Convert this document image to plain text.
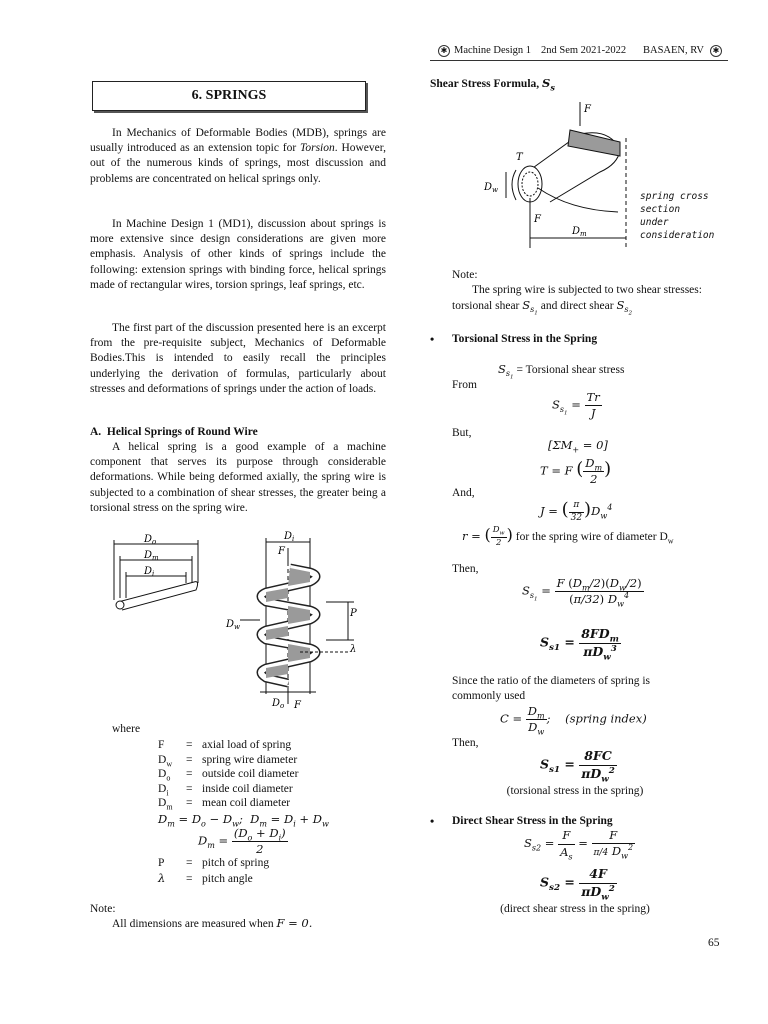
✱ Machine Design 1 2nd Sem 2021-2022 BASAEN, RV	✱
6. SPRINGS
In Mechanics of Deformable Bodies (MDB), springs are usually introduced as an extension topic for Torsion. However, out of the numerous kinds of springs, most discussion and problems are concentrated on helical springs only.
In Machine Design 1 (MD1), discussion about springs is more extensive since design considerations are given more emphasis. Analysis of other kinds of springs include the following: extension springs with binding force, helical springs made of rectangular wires, torsion springs, leaf springs, etc.
The first part of the discussion presented here is an excerpt from the pre-requisite subject, Mechanics of Deformable Bodies.This is intended to easily recall the principles underlying the derivation of formulas, particularly about stresses and deformations of springs under the action of loads.
A.  Helical Springs of Round Wire
A helical spring is a good example of a machine component that serves its purpose through considerable deformations. While being deformed axially, the spring wire is subjected to a combination of shear stresses, the greater being a torsional stress on the spring wire.
$D_o$
$D_m$
$D_i$
$D_i$
F
P
$D_w$
λ
$D_o$ F
where
F = axial load of spring
$D_w$ = spring wire diameter
$D_o$ = outside coil diameter
$D_i$ = inside coil diameter
$D_m$ = mean coil diameter
$D_m = D_o - D_w$;  $D_m = D_i + D_w$
$D_m = \frac{(D_o + D_i)}{2}$
P = pitch of spring
λ = pitch angle
Note:
All dimensions are measured when F = 0.
Shear Stress Formula, $S_s$
F
T
$D_w$
F
$D_m$
spring cross section under consideration
Note:
The spring wire is subjected to two shear stresses: torsional shear $S_{s_1}$ and direct shear $S_{s_2}$
• Torsional Stress in the Spring
$S_{s_1}$ = Torsional shear stress
From
$S_{s_1} = \frac{Tr}{J}$
But,
$[\Sigma M_+ = 0]$
T = F ( $\frac{D_m}{2}$ )
And,
J = ( $\frac{\pi}{32} )D_w^4$
r = ( $\frac{D_w}{2}$ ) for the spring wire of diameter $D_w$
Then,
$S_{s_1} = \frac{F (D_m/2)(D_w/2)}{(\pi/32) D_w^4}$
$S_{s1} = \frac{8FD_m}{\pi D_w^3}$
Since the ratio of the diameters of spring is commonly used
$C = \frac{D_m}{D_w}$ ;    (spring index)
Then,
$S_{s1} = \frac{8FC}{\pi D_w^2}$
(torsional stress in the spring)
• Direct Shear Stress in the Spring
$S_{s2} = \frac{F}{A_s} = \frac{F}{\pi/4 D_w^2}$
$S_{s2} = \frac{4F}{\pi D_w^2}$
(direct shear stress in the spring)
65
